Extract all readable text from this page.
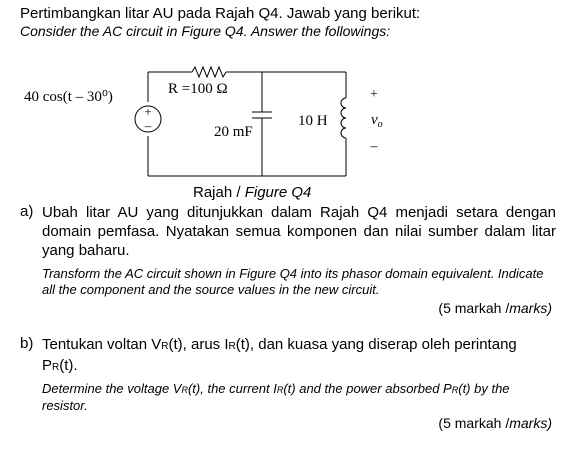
Pertimbangkan litar AU pada Rajah Q4. Jawab yang berikut:
Consider the AC circuit in Figure Q4. Answer the followings:
+
–
40 cos(t – 30⁰)	R =100 Ω
20 mF
10 H
+
$v_o$
–
Rajah / Figure Q4
a) Ubah litar AU yang ditunjukkan dalam Rajah Q4 menjadi setara dengan domain pemfasa. Nyatakan semua komponen dan nilai sumber dalam litar yang baharu.
Transform the AC circuit shown in Figure Q4 into its phasor domain equivalent. Indicate all the component and the source values in the new circuit.
(5 markah /marks)
b) Tentukan voltan VR(t), arus IR(t), dan kuasa yang diserap oleh perintang PR(t).
Determine the voltage VR(t), the current IR(t) and the power absorbed PR(t) by the resistor.
(5 markah /marks)
